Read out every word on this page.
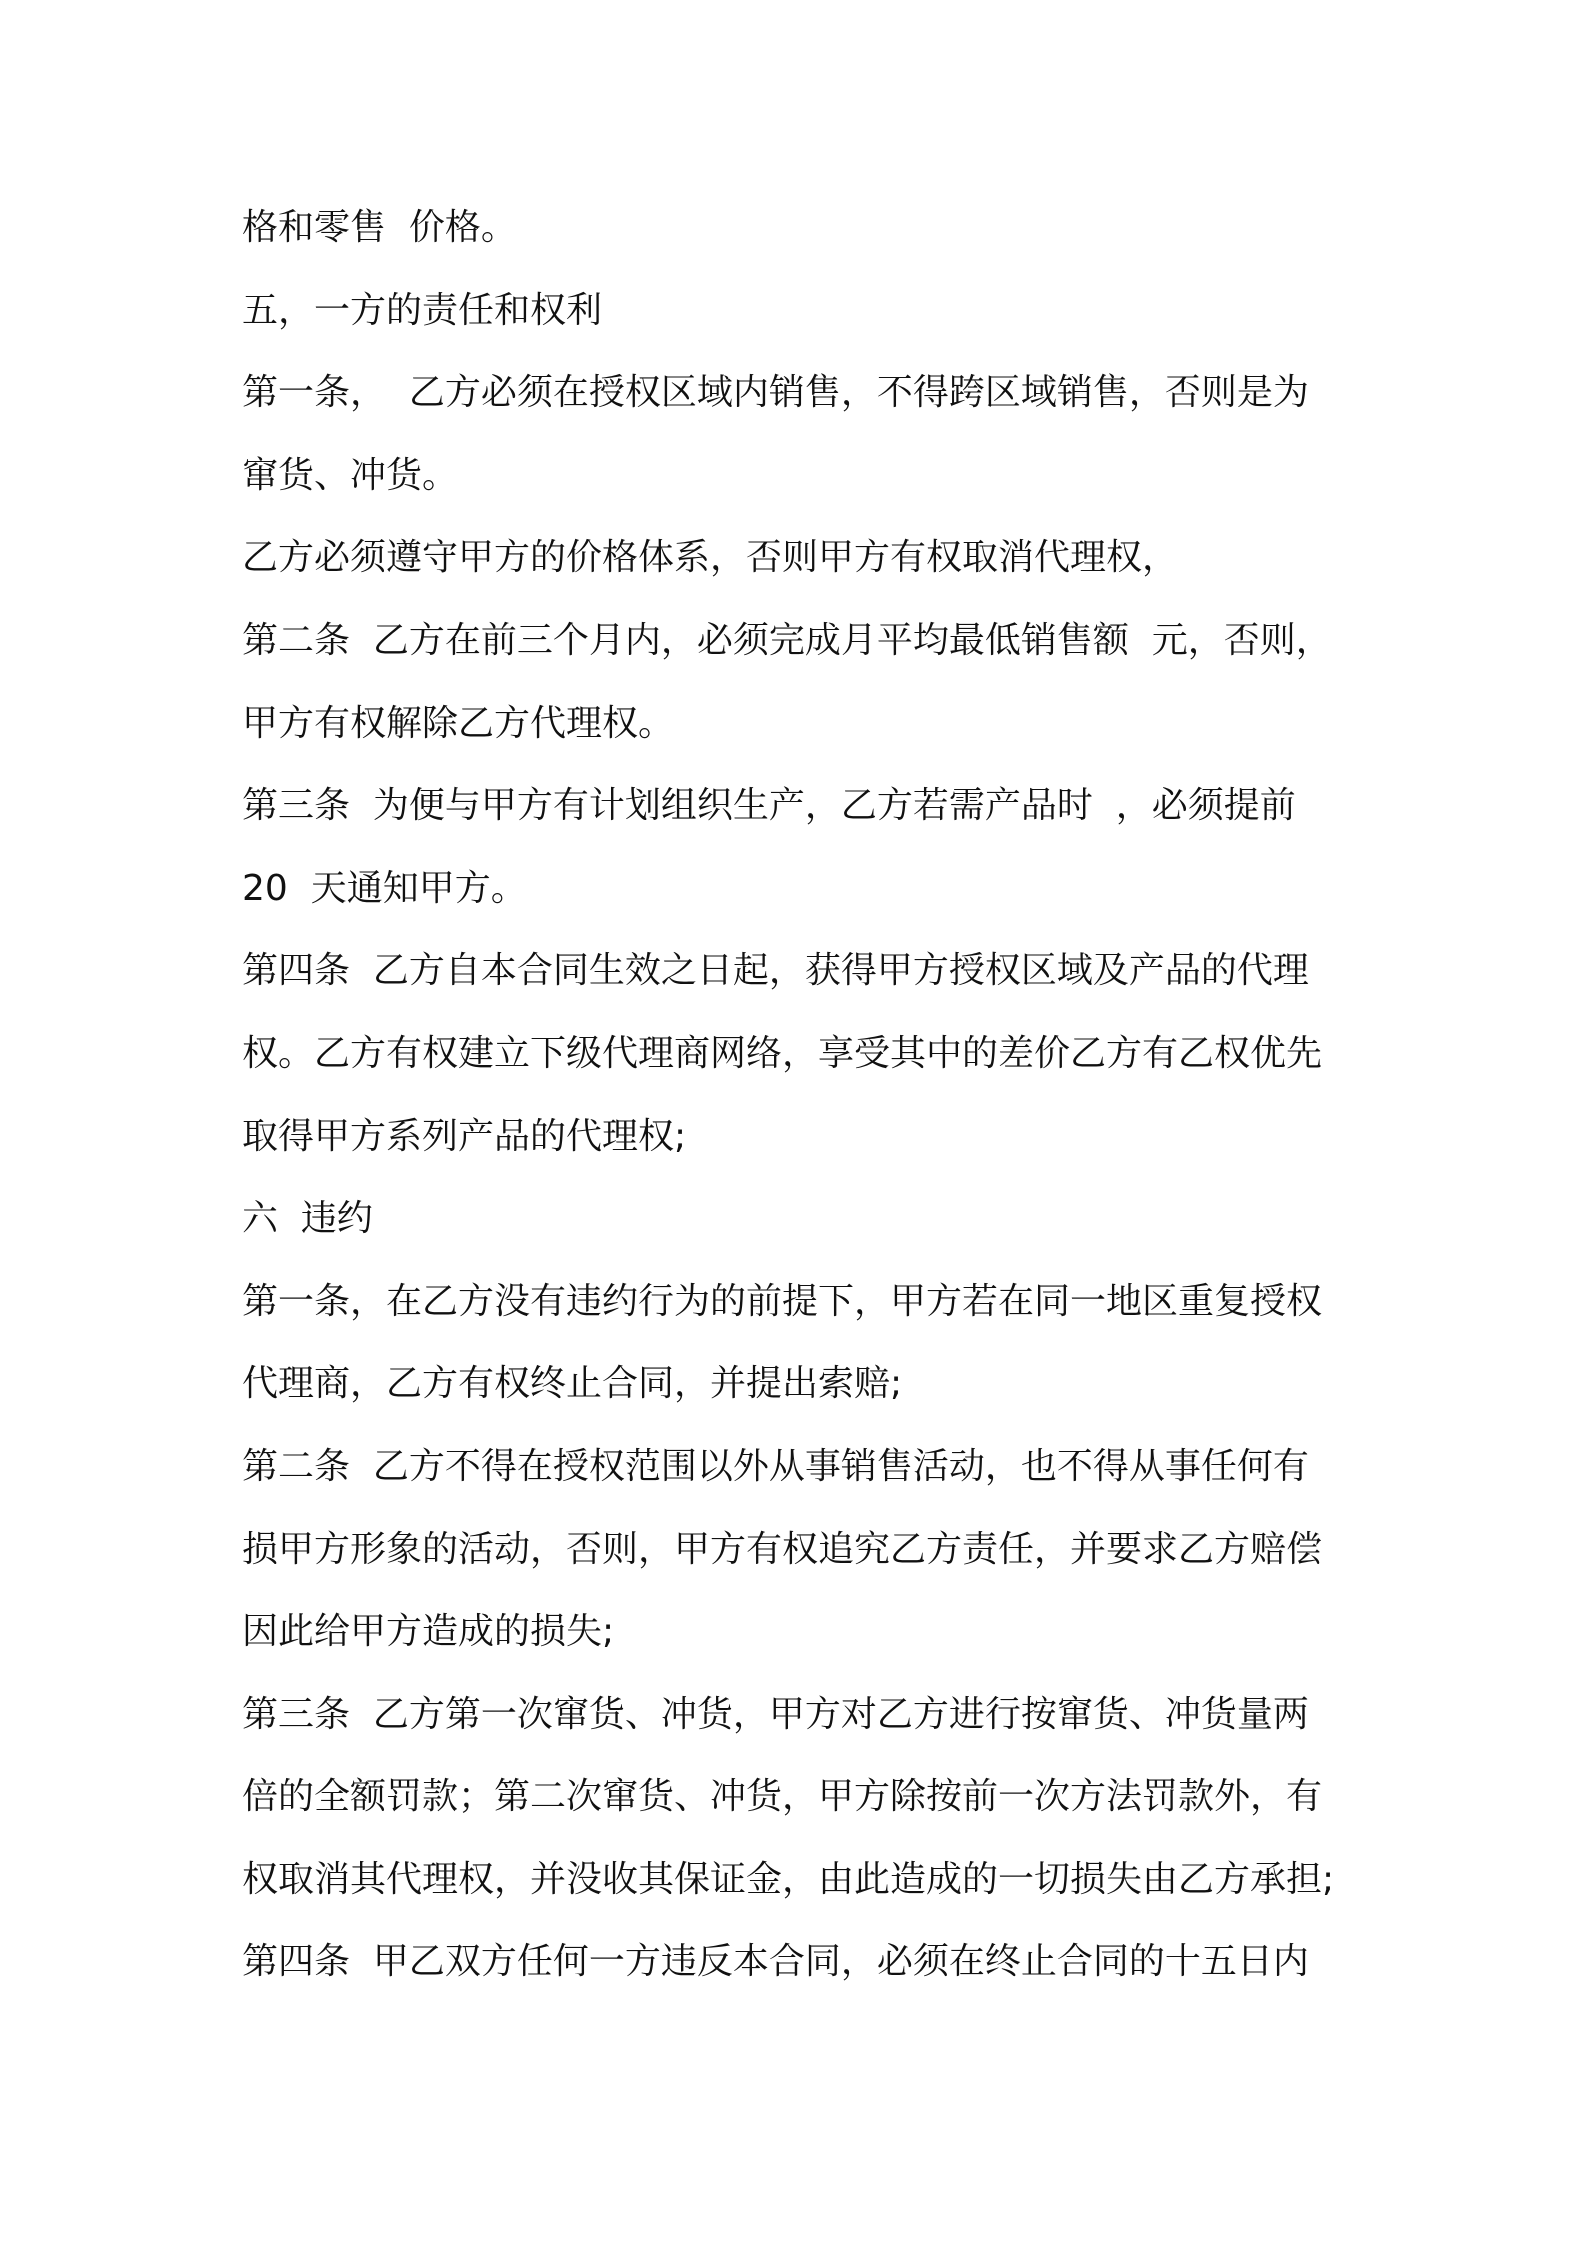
格和零售  价格。
五，一方的责任和权利
第一条，  乙方必须在授权区域内销售，不得跨区域销售，否则是为
窜货、冲货。
乙方必须遵守甲方的价格体系，否则甲方有权取消代理权，
第二条  乙方在前三个月内，必须完成月平均最低销售额  元，否则，
甲方有权解除乙方代理权。
第三条  为便与甲方有计划组织生产，乙方若需产品时  ，必须提前
20  天通知甲方。
第四条  乙方自本合同生效之日起，获得甲方授权区域及产品的代理
权。乙方有权建立下级代理商网络，享受其中的差价乙方有乙权优先
取得甲方系列产品的代理权;
六  违约
第一条，在乙方没有违约行为的前提下，甲方若在同一地区重复授权
代理商，乙方有权终止合同，并提出索赔;
第二条  乙方不得在授权范围以外从事销售活动，也不得从事任何有
损甲方形象的活动，否则，甲方有权追究乙方责任，并要求乙方赔偿
因此给甲方造成的损失;
第三条  乙方第一次窜货、冲货，甲方对乙方进行按窜货、冲货量两
倍的全额罚款；第二次窜货、冲货，甲方除按前一次方法罚款外，有
权取消其代理权，并没收其保证金，由此造成的一切损失由乙方承担;
第四条  甲乙双方任何一方违反本合同，必须在终止合同的十五日内
